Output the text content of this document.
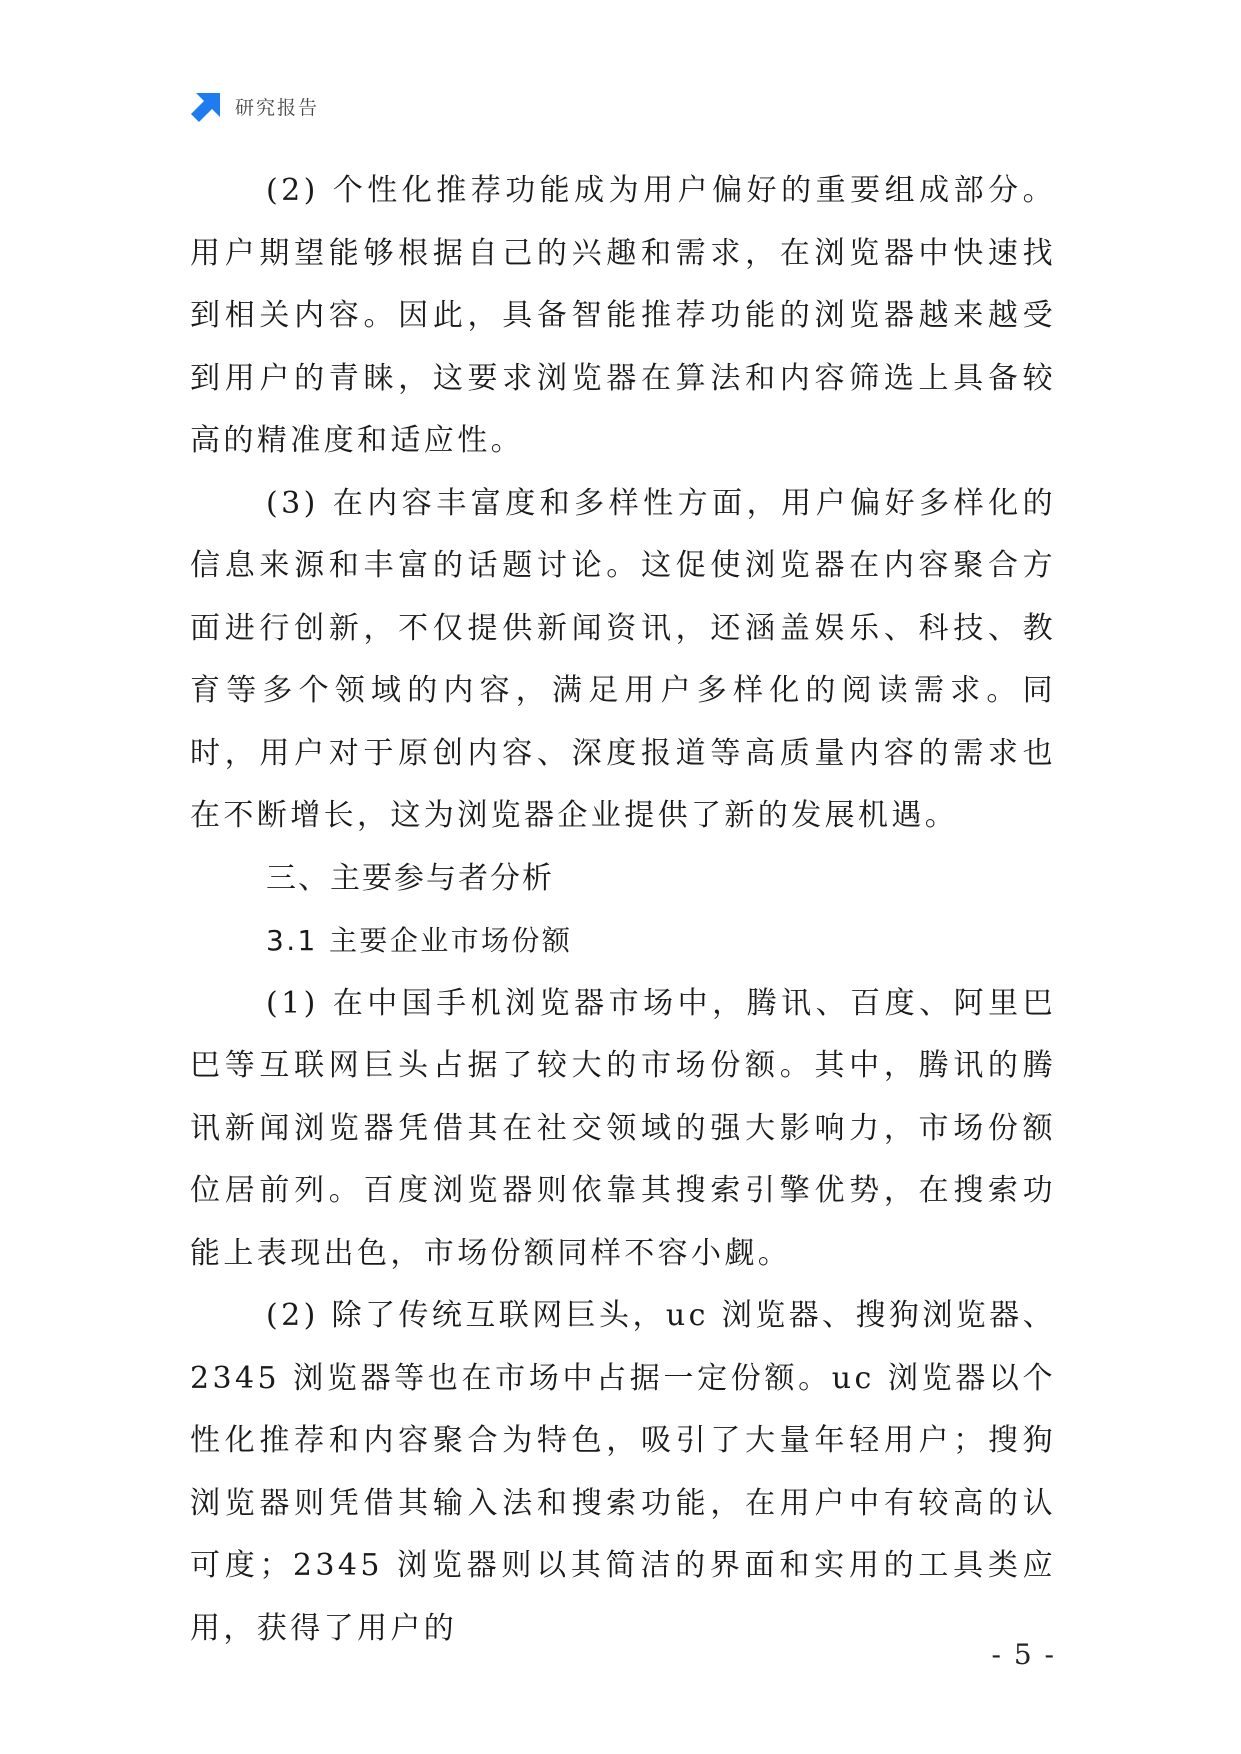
研究报告

(2) 个性化推荐功能成为用户偏好的重要组成部分。用户期望能够根据自己的兴趣和需求，在浏览器中快速找到相关内容。因此，具备智能推荐功能的浏览器越来越受到用户的青睐，这要求浏览器在算法和内容筛选上具备较高的精准度和适应性。

(3) 在内容丰富度和多样性方面，用户偏好多样化的信息来源和丰富的话题讨论。这促使浏览器在内容聚合方面进行创新，不仅提供新闻资讯，还涵盖娱乐、科技、教育等多个领域的内容，满足用户多样化的阅读需求。同时，用户对于原创内容、深度报道等高质量内容的需求也在不断增长，这为浏览器企业提供了新的发展机遇。

三、主要参与者分析

3.1 主要企业市场份额

(1) 在中国手机浏览器市场中，腾讯、百度、阿里巴巴等互联网巨头占据了较大的市场份额。其中，腾讯的腾讯新闻浏览器凭借其在社交领域的强大影响力，市场份额位居前列。百度浏览器则依靠其搜索引擎优势，在搜索功能上表现出色，市场份额同样不容小觑。

(2) 除了传统互联网巨头，uc 浏览器、搜狗浏览器、2345 浏览器等也在市场中占据一定份额。uc 浏览器以个性化推荐和内容聚合为特色，吸引了大量年轻用户；搜狗浏览器则凭借其输入法和搜索功能，在用户中有较高的认可度；2345 浏览器则以其简洁的界面和实用的工具类应用，获得了用户的

- 5 -
